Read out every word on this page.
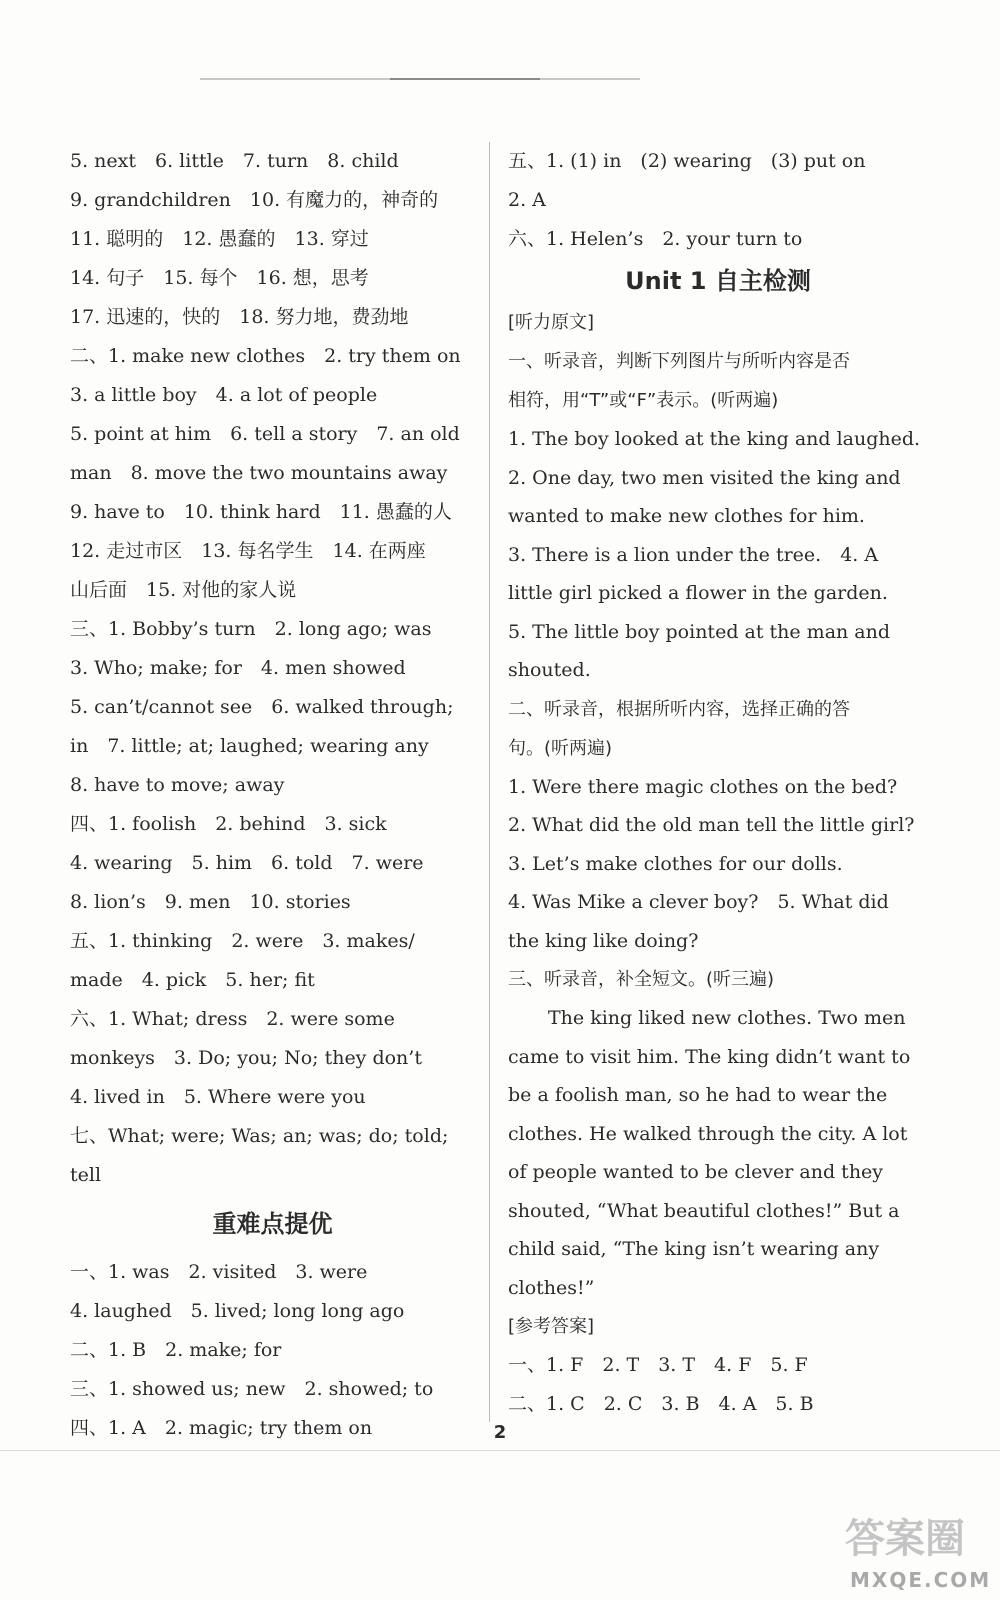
5. next　6. little　7. turn　8. child
9. grandchildren　10. 有魔力的，神奇的
11. 聪明的　12. 愚蠢的　13. 穿过
14. 句子　15. 每个　16. 想，思考
17. 迅速的，快的　18. 努力地，费劲地
二、1. make new clothes　2. try them on
3. a little boy　4. a lot of people
5. point at him　6. tell a story　7. an old
man　8. move the two mountains away
9. have to　10. think hard　11. 愚蠢的人
12. 走过市区　13. 每名学生　14. 在两座
山后面　15. 对他的家人说
三、1. Bobby’s turn　2. long ago; was
3. Who; make; for　4. men showed
5. can’t/cannot see　6. walked through;
in　7. little; at; laughed; wearing any
8. have to move; away
四、1. foolish　2. behind　3. sick
4. wearing　5. him　6. told　7. were
8. lion’s　9. men　10. stories
五、1. thinking　2. were　3. makes/
made　4. pick　5. her; fit
六、1. What; dress　2. were some
monkeys　3. Do; you; No; they don’t
4. lived in　5. Where were you
七、What; were; Was; an; was; do; told;
tell
重难点提优
一、1. was　2. visited　3. were
4. laughed　5. lived; long long ago
二、1. B　2. make; for
三、1. showed us; new　2. showed; to
四、1. A　2. magic; try them on
五、1. (1) in　(2) wearing　(3) put on
2. A
六、1. Helen’s　2. your turn to
Unit 1 自主检测
[听力原文]
一、听录音，判断下列图片与所听内容是否
相符，用“T”或“F”表示。(听两遍)
1. The boy looked at the king and laughed.
2. One day, two men visited the king and
wanted to make new clothes for him.
3. There is a lion under the tree.　4. A
little girl picked a flower in the garden.
5. The little boy pointed at the man and
shouted.
二、听录音，根据所听内容，选择正确的答
句。(听两遍)
1. Were there magic clothes on the bed?
2. What did the old man tell the little girl?
3. Let’s make clothes for our dolls.
4. Was Mike a clever boy?　5. What did
the king like doing?
三、听录音，补全短文。(听三遍)
The king liked new clothes. Two men
came to visit him. The king didn’t want to
be a foolish man, so he had to wear the
clothes. He walked through the city. A lot
of people wanted to be clever and they
shouted, “What beautiful clothes!” But a
child said, “The king isn’t wearing any
clothes!”
[参考答案]
一、1. F　2. T　3. T　4. F　5. F
二、1. C　2. C　3. B　4. A　5. B
2
答案圈
MXQE.COM
